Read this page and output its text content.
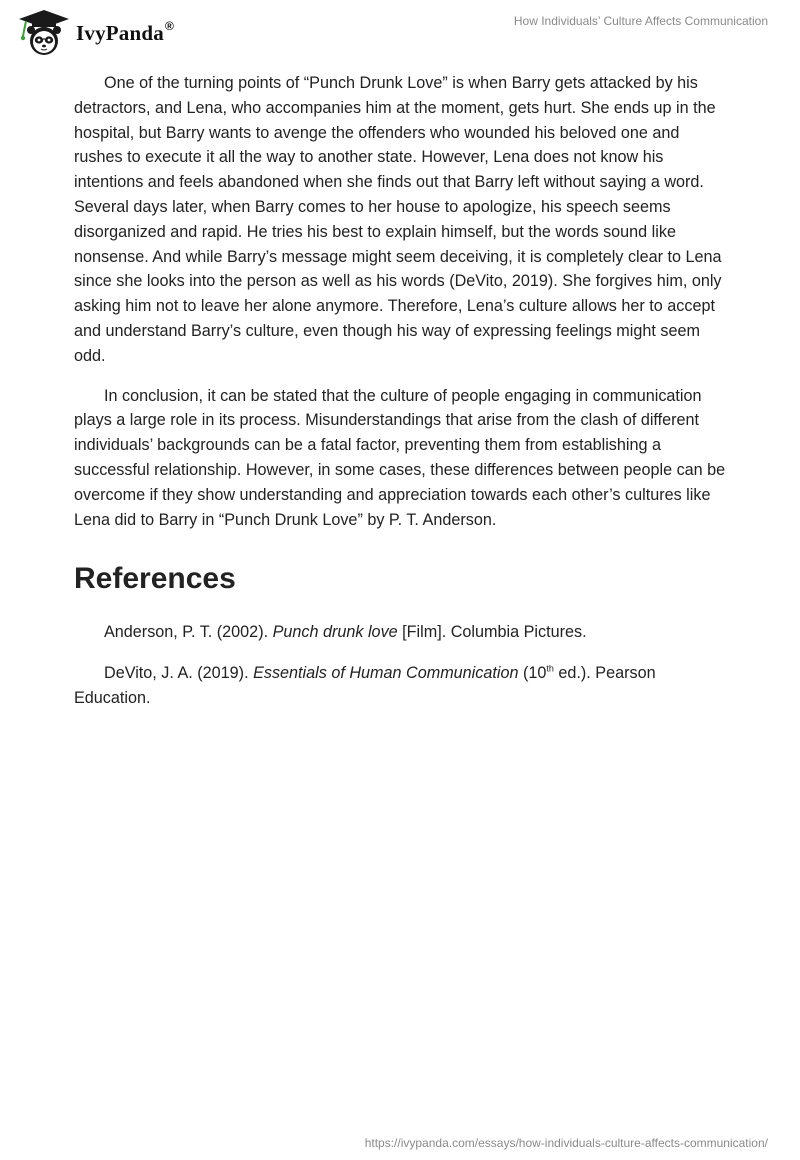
IvyPanda ®	How Individuals’ Culture Affects Communication

One of the turning points of “Punch Drunk Love” is when Barry gets attacked by his detractors, and Lena, who accompanies him at the moment, gets hurt. She ends up in the hospital, but Barry wants to avenge the offenders who wounded his beloved one and rushes to execute it all the way to another state. However, Lena does not know his intentions and feels abandoned when she finds out that Barry left without saying a word. Several days later, when Barry comes to her house to apologize, his speech seems disorganized and rapid. He tries his best to explain himself, but the words sound like nonsense. And while Barry’s message might seem deceiving, it is completely clear to Lena since she looks into the person as well as his words (DeVito, 2019). She forgives him, only asking him not to leave her alone anymore. Therefore, Lena’s culture allows her to accept and understand Barry’s culture, even though his way of expressing feelings might seem odd.

In conclusion, it can be stated that the culture of people engaging in communication plays a large role in its process. Misunderstandings that arise from the clash of different individuals’ backgrounds can be a fatal factor, preventing them from establishing a successful relationship. However, in some cases, these differences between people can be overcome if they show understanding and appreciation towards each other’s cultures like Lena did to Barry in “Punch Drunk Love” by P. T. Anderson.

References

Anderson, P. T. (2002). Punch drunk love [Film]. Columbia Pictures.

DeVito, J. A. (2019). Essentials of Human Communication (10th ed.). Pearson Education.

https://ivypanda.com/essays/how-individuals-culture-affects-communication/
